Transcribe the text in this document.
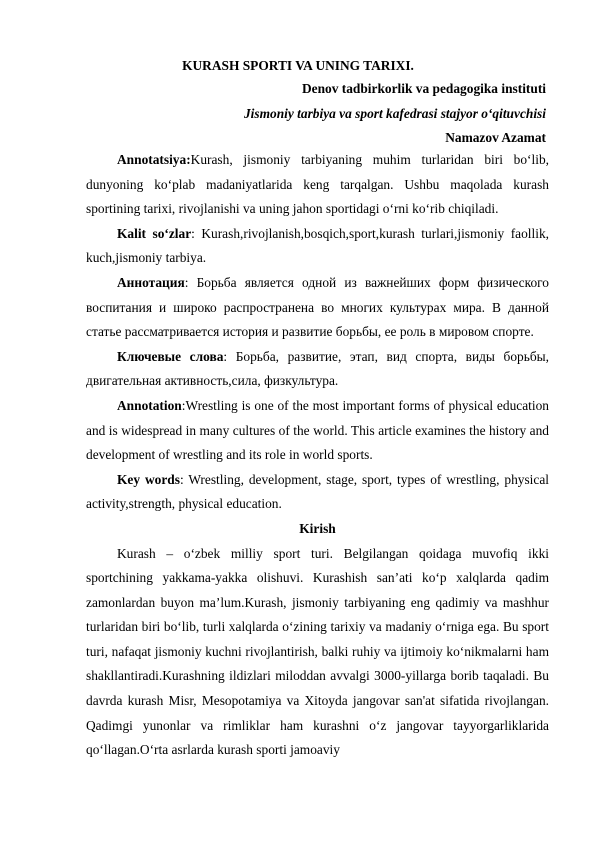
KURASH SPORTI VA UNING TARIXI.
Denov tadbirkorlik va pedagogika instituti
Jismoniy tarbiya va sport kafedrasi stajyor o‘qituvchisi
Namazov Azamat

Annotatsiya:Kurash, jismoniy tarbiyaning muhim turlaridan biri bo‘lib, dunyoning ko‘plab madaniyatlarida keng tarqalgan. Ushbu maqolada kurash sportining tarixi, rivojlanishi va uning jahon sportidagi o‘rni ko‘rib chiqiladi.

Kalit so‘zlar: Kurash,rivojlanish,bosqich,sport,kurash turlari,jismoniy faollik, kuch,jismoniy tarbiya.

Аннотация: Борьба является одной из важнейших форм физического воспитания и широко распространена во многих культурах мира. В данной статье рассматривается история и развитие борьбы, ее роль в мировом спорте.

Ключевые слова: Борьба, развитие, этап, вид спорта, виды борьбы, двигательная активность,сила, физкультура.

Annotation:Wrestling is one of the most important forms of physical education and is widespread in many cultures of the world. This article examines the history and development of wrestling and its role in world sports.

Key words: Wrestling, development, stage, sport, types of wrestling, physical activity,strength, physical education.

Kirish

Kurash – o‘zbek milliy sport turi. Belgilangan qoidaga muvofiq ikki sportchining yakkama-yakka olishuvi. Kurashish san’ati ko‘p xalqlarda qadim zamonlardan buyon ma’lum.Kurash, jismoniy tarbiyaning eng qadimiy va mashhur turlaridan biri bo‘lib, turli xalqlarda o‘zining tarixiy va madaniy o‘rniga ega. Bu sport turi, nafaqat jismoniy kuchni rivojlantirish, balki ruhiy va ijtimoiy ko‘nikmalarni ham shakllantiradi.Kurashning ildizlari miloddan avvalgi 3000-yillarga borib taqaladi. Bu davrda kurash Misr, Mesopotamiya va Xitoyda jangovar san'at sifatida rivojlangan. Qadimgi yunonlar va rimliklar ham kurashni o‘z jangovar tayyorgarliklarida qo‘llagan.O‘rta asrlarda kurash sporti jamoaviy
